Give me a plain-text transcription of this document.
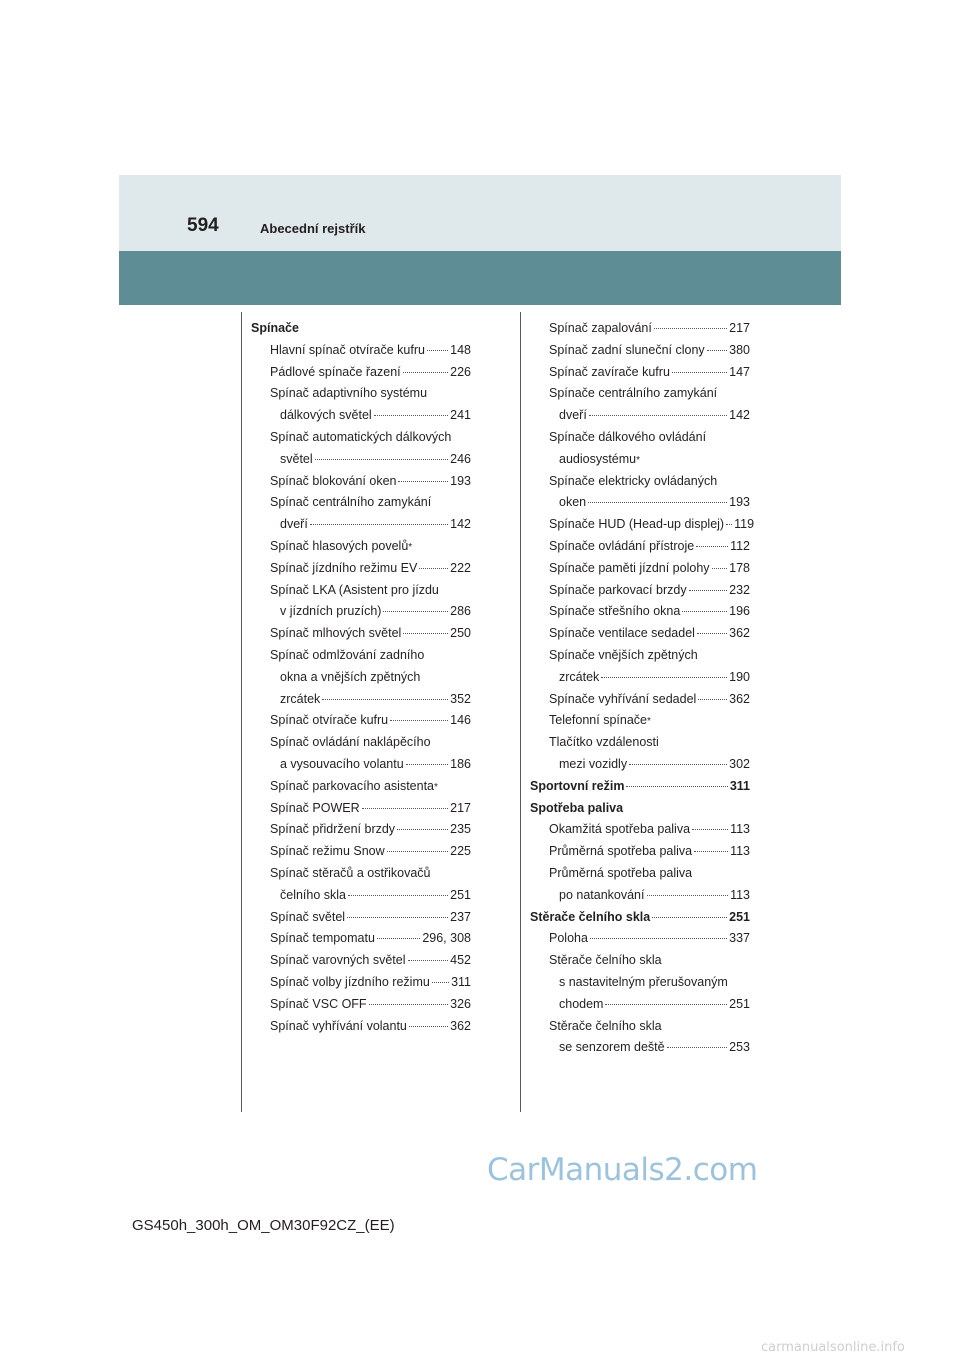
594	Abecední rejstřík
Spínače
Hlavní spínač otvírače kufru 148
Pádlové spínače řazení	226
Spínač adaptivního systému
dálkových světel	241
Spínač automatických dálkových
světel	246
Spínač blokování oken	193
Spínač centrálního zamykání
dveří	142
Spínač hlasových povelů *
Spínač jízdního režimu EV	222
Spínač LKA (Asistent pro jízdu
v jízdních pruzích)	286
Spínač mlhových světel	250
Spínač odmlžování zadního
okna a vnějších zpětných
zrcátek	352
Spínač otvírače kufru	146
Spínač ovládání naklápěcího
a vysouvacího volantu	186
Spínač parkovacího asistenta *
Spínač POWER	217
Spínač přidržení brzdy	235
Spínač režimu Snow	225
Spínač stěračů a ostřikovačů
čelního skla	251
Spínač světel	237
Spínač tempomatu	296, 308
Spínač varovných světel	452
Spínač volby jízdního režimu 311
Spínač VSC OFF	326
Spínač vyhřívání volantu	362
Spínač zapalování	217
Spínač zadní sluneční clony 380
Spínač zavírače kufru	147
Spínače centrálního zamykání
dveří	142
Spínače dálkového ovládání
audiosystému *
Spínače elektricky ovládaných
oken	193
Spínače HUD (Head-up displej) 119
Spínače ovládání přístroje	112
Spínače paměti jízdní polohy 178
Spínače parkovací brzdy	232
Spínače střešního okna	196
Spínače ventilace sedadel	362
Spínače vnějších zpětných
zrcátek	190
Spínače vyhřívání sedadel	362
Telefonní spínače *
Tlačítko vzdálenosti
mezi vozidly	302
Sportovní režim	311
Spotřeba paliva
Okamžitá spotřeba paliva	113
Průměrná spotřeba paliva	113
Průměrná spotřeba paliva
po natankování	113
Stěrače čelního skla	251
Poloha	337
Stěrače čelního skla
s nastavitelným přerušovaným
chodem	251
Stěrače čelního skla
se senzorem deště	253
GS450h_300h_OM_OM30F92CZ_(EE)
CarManuals2.com
carmanualsonline.info
